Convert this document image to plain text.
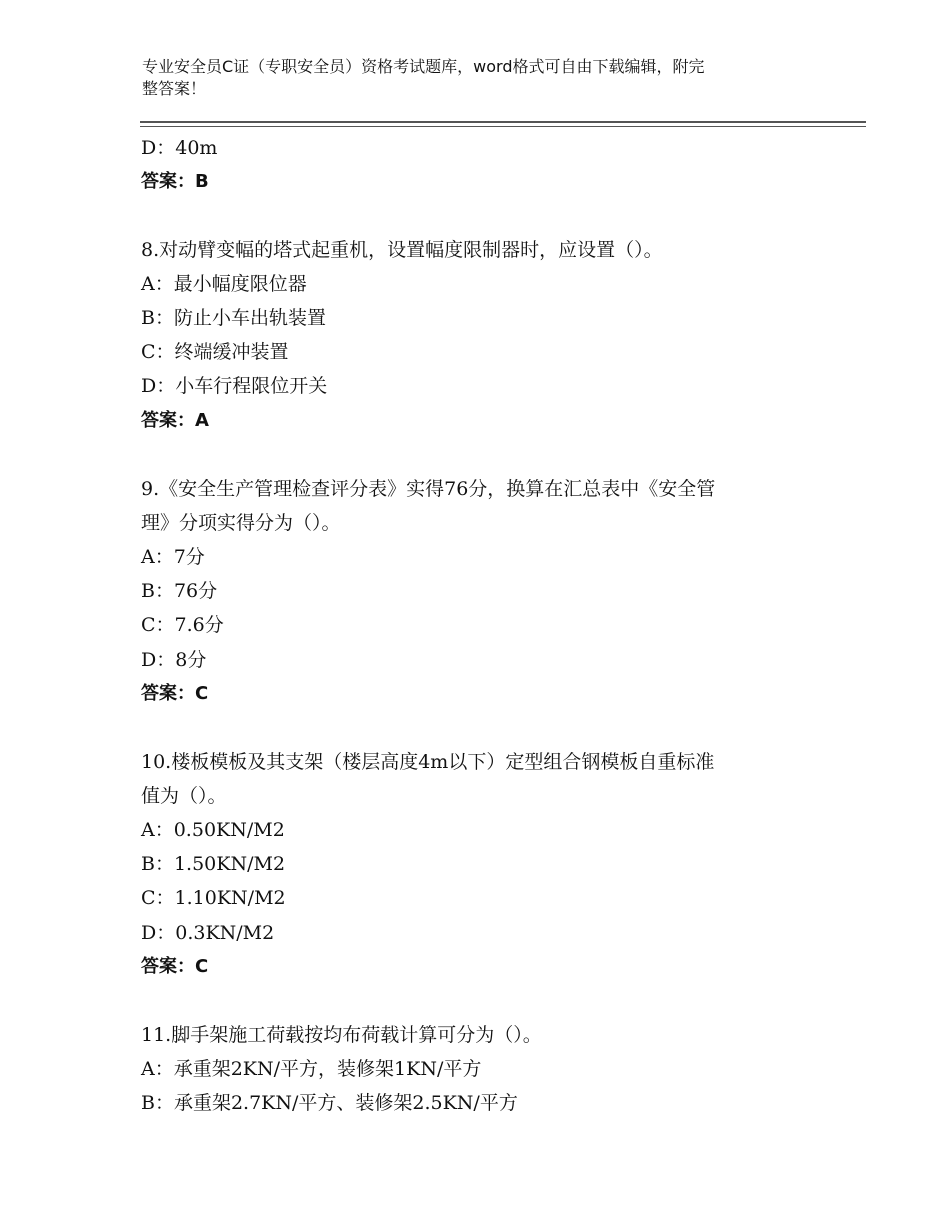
专业安全员C证（专职安全员）资格考试题库，word格式可自由下载编辑，附完
整答案！
D：40m
答案：B
8.对动臂变幅的塔式起重机，设置幅度限制器时，应设置（）。
A：最小幅度限位器
B：防止小车出轨装置
C：终端缓冲装置
D：小车行程限位开关
答案：A
9.《安全生产管理检查评分表》实得76分，换算在汇总表中《安全管
理》分项实得分为（）。
A：7分
B：76分
C：7.6分
D：8分
答案：C
10.楼板模板及其支架（楼层高度4m以下）定型组合钢模板自重标准
值为（）。
A：0.50KN/M2
B：1.50KN/M2
C：1.10KN/M2
D：0.3KN/M2
答案：C
11.脚手架施工荷载按均布荷载计算可分为（）。
A：承重架2KN/平方，装修架1KN/平方
B：承重架2.7KN/平方、装修架2.5KN/平方
